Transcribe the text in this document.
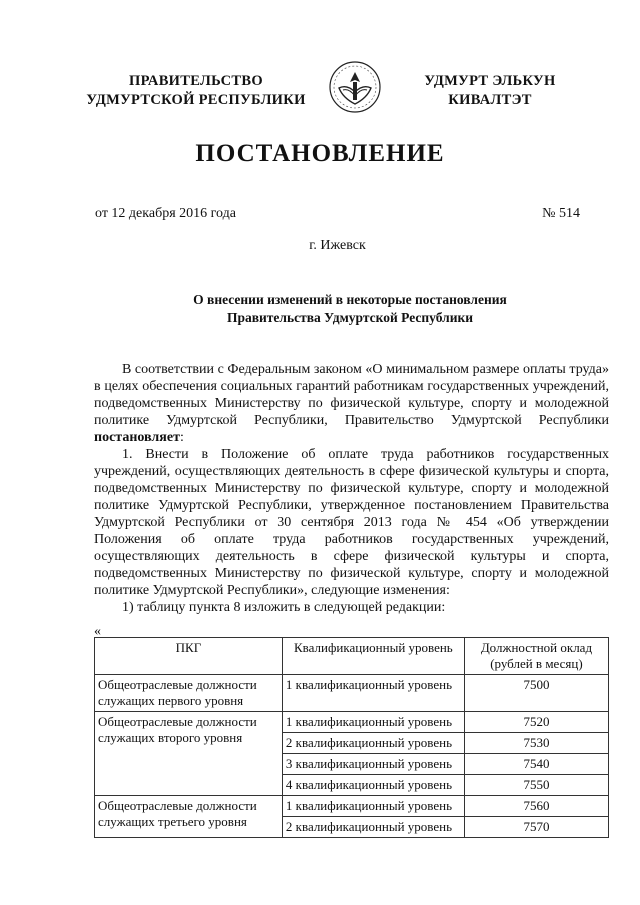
ПРАВИТЕЛЬСТВО
УДМУРТСКОЙ РЕСПУБЛИКИ
УДМУРТ ЭЛЬКУН
КИВАЛТЭТ
ПОСТАНОВЛЕНИЕ
от 12 декабря 2016 года	№ 514
г. Ижевск
О внесении изменений в некоторые постановления
Правительства Удмуртской Республики

В соответствии с Федеральным законом «О минимальном размере оплаты труда» в целях обеспечения социальных гарантий работникам государственных учреждений, подведомственных Министерству по физической культуре, спорту и молодежной политике Удмуртской Республики, Правительство Удмуртской Республики постановляет:

1. Внести в Положение об оплате труда работников государственных учреждений, осуществляющих деятельность в сфере физической культуры и спорта, подведомственных Министерству по физической культуре, спорту и молодежной политике Удмуртской Республики, утвержденное постановлением Правительства Удмуртской Республики от 30 сентября 2013 года № 454 «Об утверждении Положения об оплате труда работников государственных учреждений, осуществляющих деятельность в сфере физической культуры и спорта, подведомственных Министерству по физической культуре, спорту и молодежной политике Удмуртской Республики», следующие изменения:

1) таблицу пункта 8 изложить в следующей редакции:

«
ПКГ	Квалификационный уровень	Должностной оклад
(рублей в месяц)

Общеотраслевые должности служащих первого уровня	1 квалификационный уровень	7500
Общеотраслевые должности служащих второго уровня	1 квалификационный уровень	7520
	2 квалификационный уровень	7530
	3 квалификационный уровень	7540
	4 квалификационный уровень	7550
Общеотраслевые должности служащих третьего уровня	1 квалификационный уровень	7560
	2 квалификационный уровень	7570
